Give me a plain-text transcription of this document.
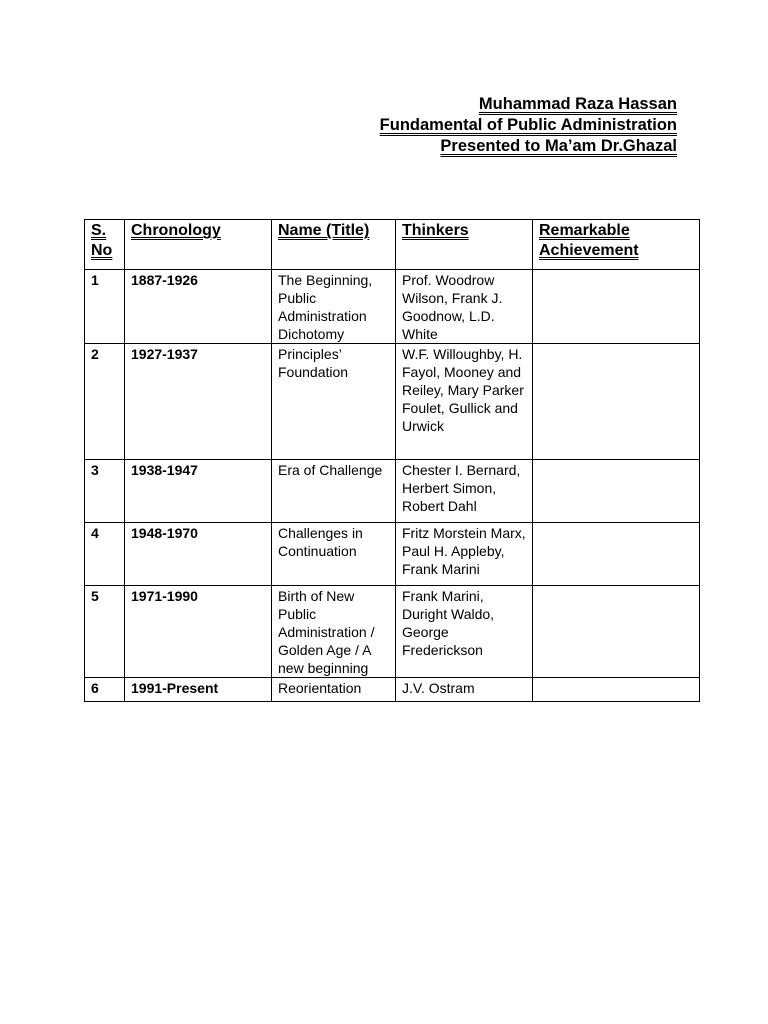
Muhammad Raza Hassan
Fundamental of Public Administration
Presented to Ma’am Dr.Ghazal
S. No	Chronology	Name (Title)	Thinkers	Remarkable Achievement
1	1887-1926	The Beginning, Public Administration Dichotomy	Prof. Woodrow Wilson, Frank J. Goodnow, L.D. White	
2	1927-1937	Principles’ Foundation	W.F. Willoughby, H. Fayol, Mooney and Reiley, Mary Parker Foulet, Gullick and Urwick	
3	1938-1947	Era of Challenge	Chester I. Bernard, Herbert Simon, Robert Dahl	
4	1948-1970	Challenges in Continuation	Fritz Morstein Marx, Paul H. Appleby, Frank Marini	
5	1971-1990	Birth of New Public Administration / Golden Age / A new beginning	Frank Marini, Duright Waldo, George Frederickson	
6	1991-Present	Reorientation	J.V. Ostram	
